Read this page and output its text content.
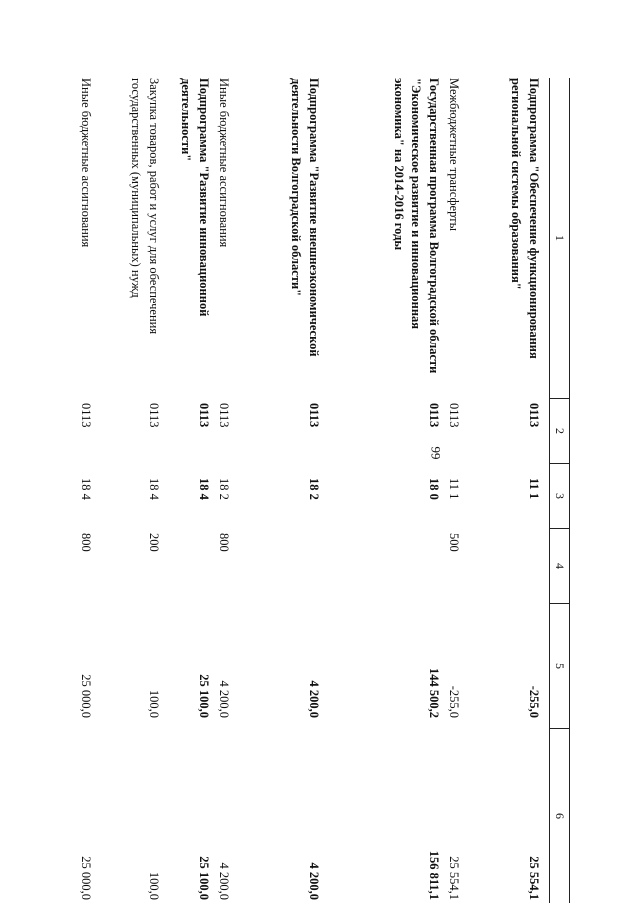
66
1
2
3
4
5
6
Подпрограмма "Обеспечение функционирования региональной системы образования"
0113
11 1
-255,0
25 554,1
Межбюджетные трансферты
0113
11 1
500
-255,0
25 554,1
Государственная программа Волгоградской области "Экономическое развитие и инновационная экономика" на 2014-2016 годы
0113
18 0
144 500,2
156 811,1
Подпрограмма "Развитие внешнеэкономической деятельности Волгоградской области"
0113
18 2
4 200,0
4 200,0
Иные бюджетные ассигнования
0113
18 2
800
4 200,0
4 200,0
Подпрограмма "Развитие инновационной деятельности"
0113
18 4
25 100,0
25 100,0
Закупка товаров, работ и услуг для обеспечения государственных (муниципальных) нужд
0113
18 4
200
100,0
100,0
Иные бюджетные ассигнования
0113
18 4
800
25 000,0
25 000,0
